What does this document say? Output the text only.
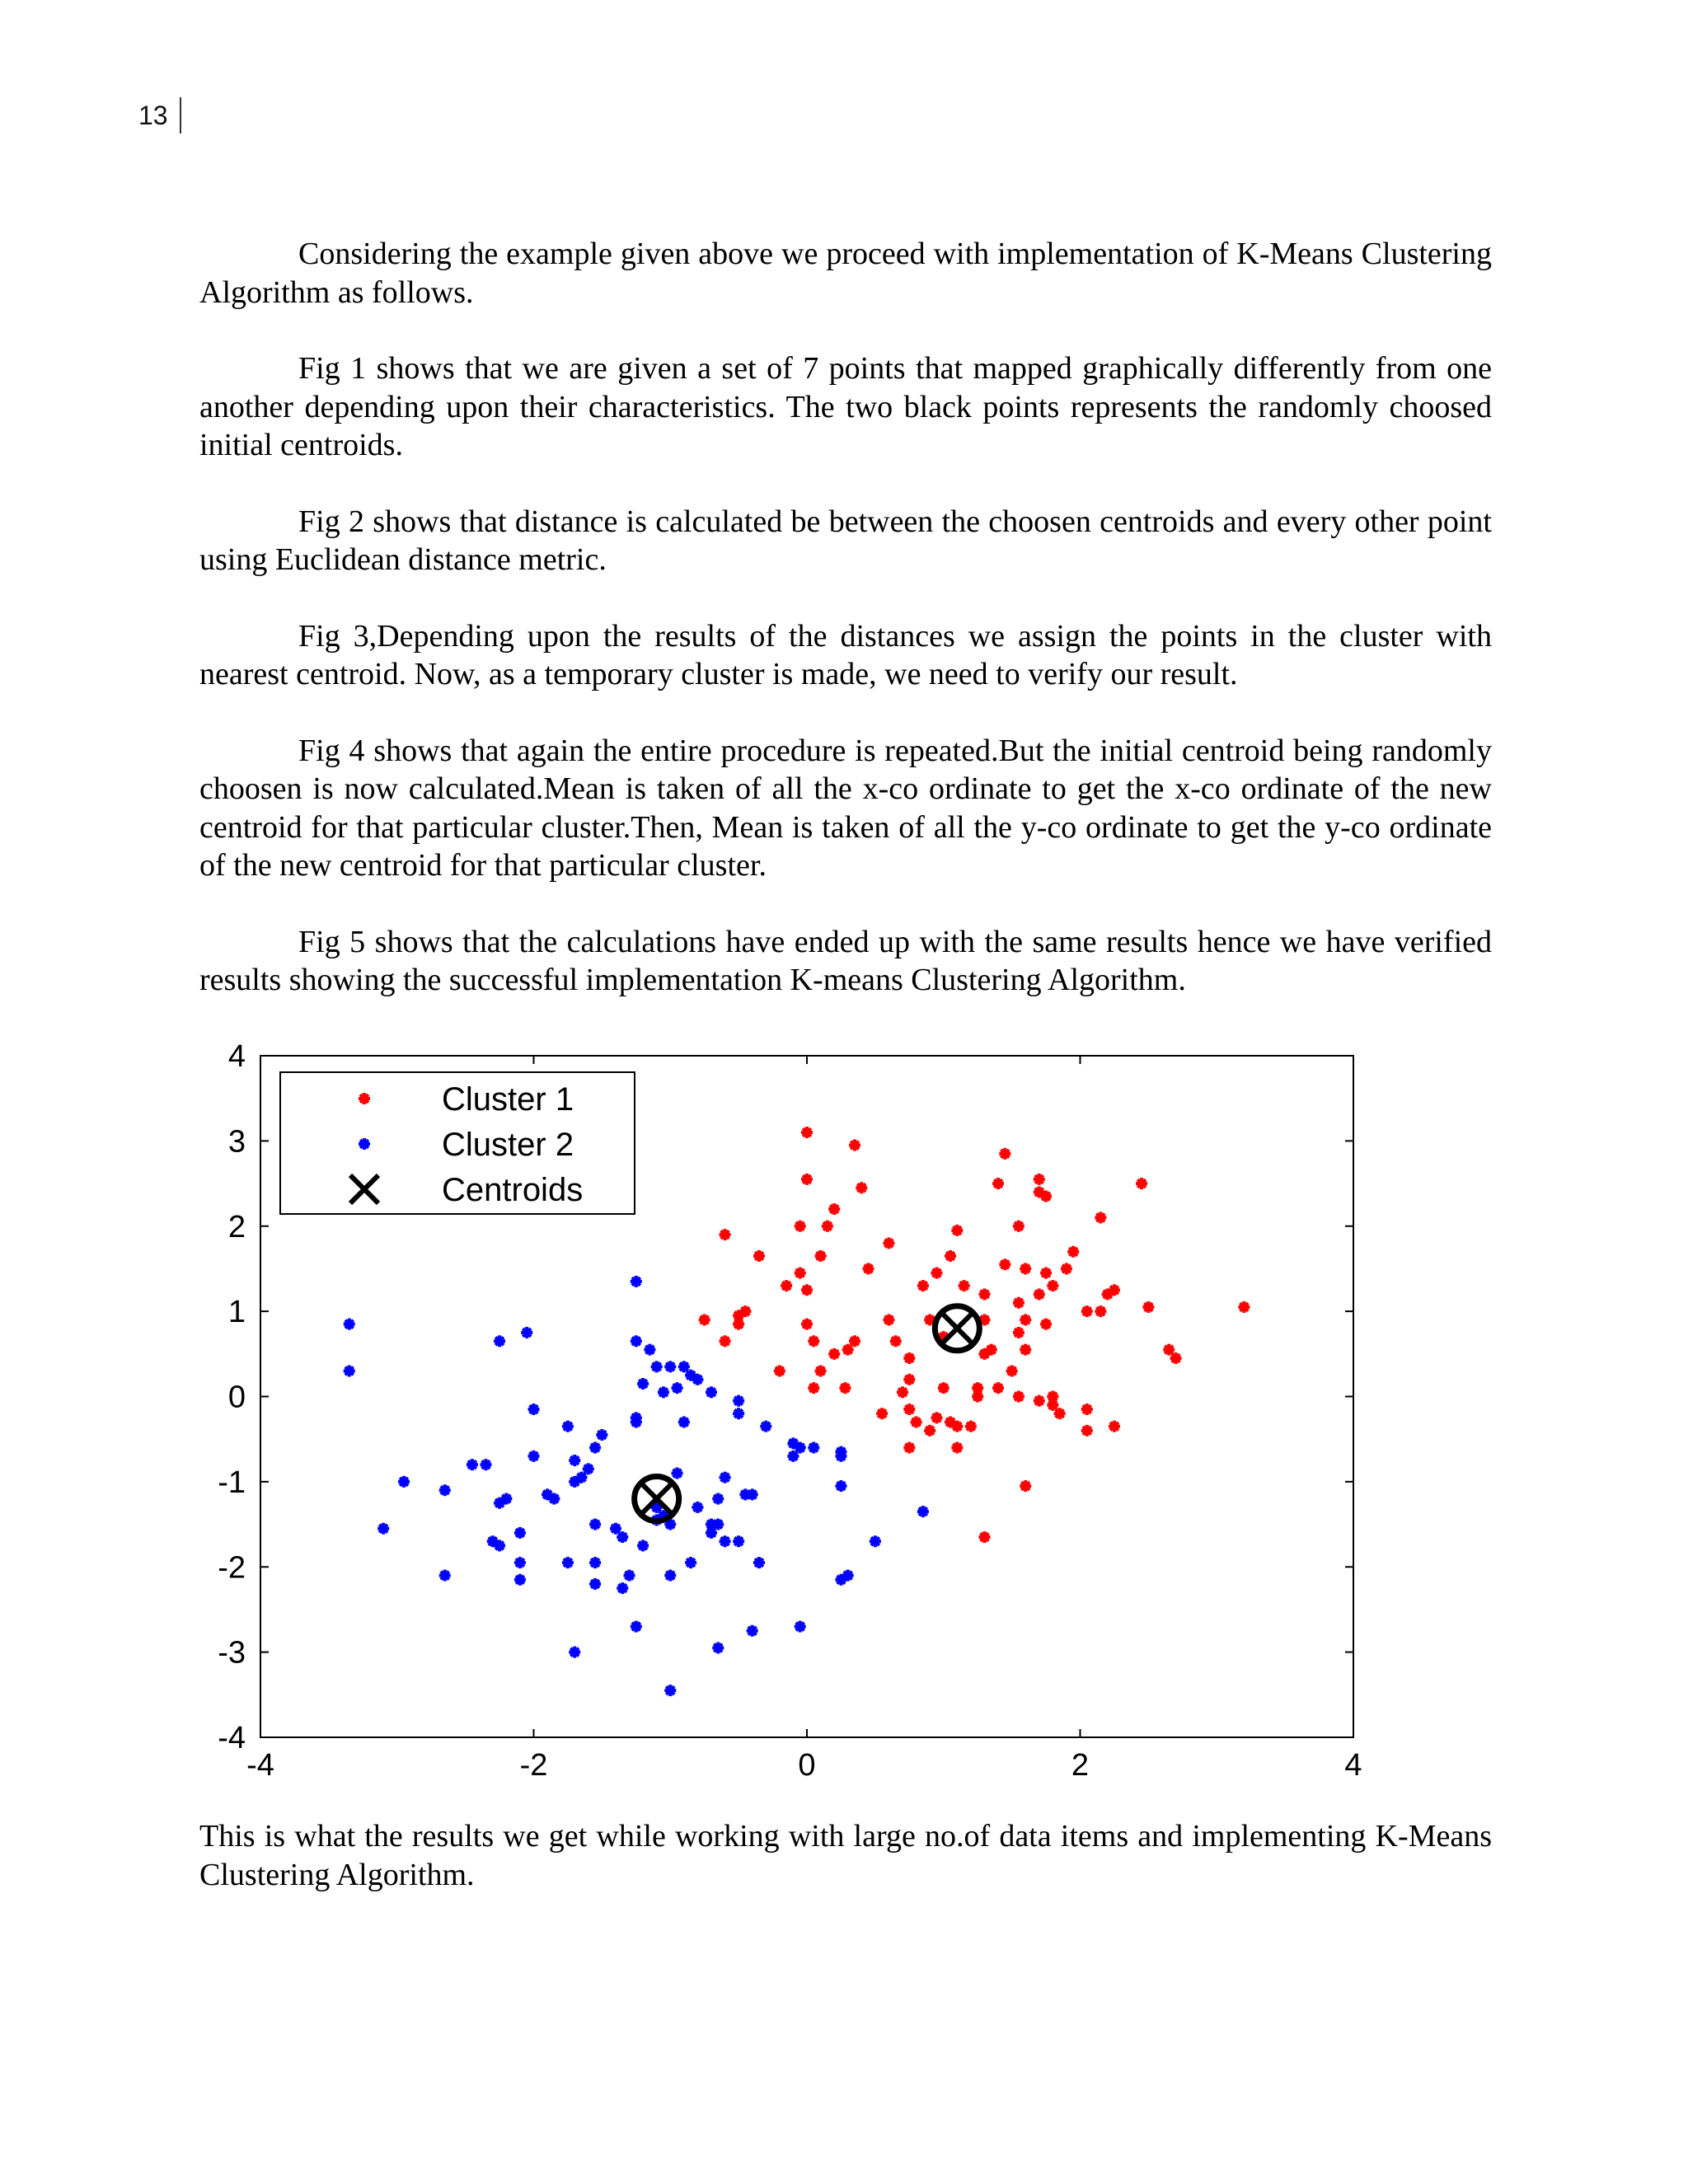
13

Considering the example given above we proceed with implementation of K-Means Clustering Algorithm as follows.

Fig 1 shows that we are given a set of 7 points that mapped graphically differently from one another depending upon their characteristics. The two black points represents the randomly choosed initial centroids.

Fig 2 shows that distance is calculated be between the choosen centroids and every other point using Euclidean distance metric.

Fig 3,Depending upon the results of the distances we assign the points in the cluster with nearest centroid. Now, as a temporary cluster is made, we need to verify our result.

Fig 4 shows that again the entire procedure is repeated.But the initial centroid being randomly choosen is now calculated.Mean is taken of all the x-co ordinate to get the x-co ordinate of the new centroid for that particular cluster.Then, Mean is taken of all the y-co ordinate to get the y-co ordinate of the new centroid for that particular cluster.

Fig 5 shows that the calculations have ended up with the same results hence we have verified results showing the successful implementation K-means Clustering Algorithm.

-4	-2	0	2	4
-4
-3
-2
-1
0
1
2
3
4
Cluster 1
Cluster 2
Centroids

This is what the results we get while working with large no.of data items and implementing K-Means Clustering Algorithm.
